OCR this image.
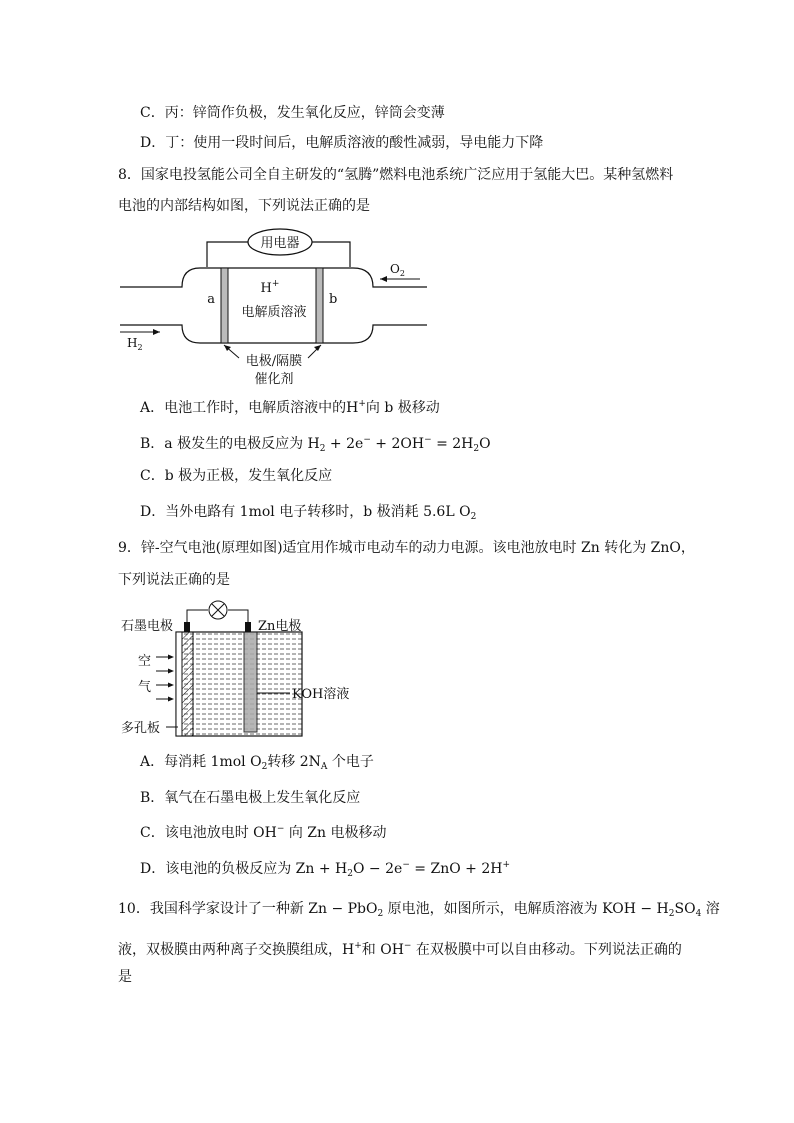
C．丙：锌筒作负极，发生氧化反应，锌筒会变薄
D．丁：使用一段时间后，电解质溶液的酸性减弱，导电能力下降
8．国家电投氢能公司全自主研发的“氢腾”燃料电池系统广泛应用于氢能大巴。某种氢燃料
电池的内部结构如图，下列说法正确的是
用电器
a	b
H+
电解质溶液
$O_2$
$H_2$
电极/隔膜
催化剂
A．电池工作时，电解质溶液中的H+向 b 极移动
B．a 极发生的电极反应为 $H_2 + 2e^- + 2OH^- = 2H_2O$
C．b 极为正极，发生氧化反应
D．当外电路有 1mol 电子转移时，b 极消耗 5.6L $O_2$
9．锌-空气电池(原理如图)适宜用作城市电动车的动力电源。该电池放电时 Zn 转化为 ZnO，
下列说法正确的是
石墨电极	Zn电极
空
气	KOH溶液
多孔板
A．每消耗 1mol $O_2$转移 $2N_A$ 个电子
B．氧气在石墨电极上发生氧化反应
C．该电池放电时 OH− 向 Zn 电极移动
D．该电池的负极反应为 $Zn + H_2O - 2e^-$ = ZnO + 2H+
10．我国科学家设计了一种新 Zn − PbO$_2$ 原电池，如图所示，电解质溶液为 KOH − $H_2SO_4$ 溶
液，双极膜由两种离子交换膜组成，H+和 OH− 在双极膜中可以自由移动。下列说法正确的
是
